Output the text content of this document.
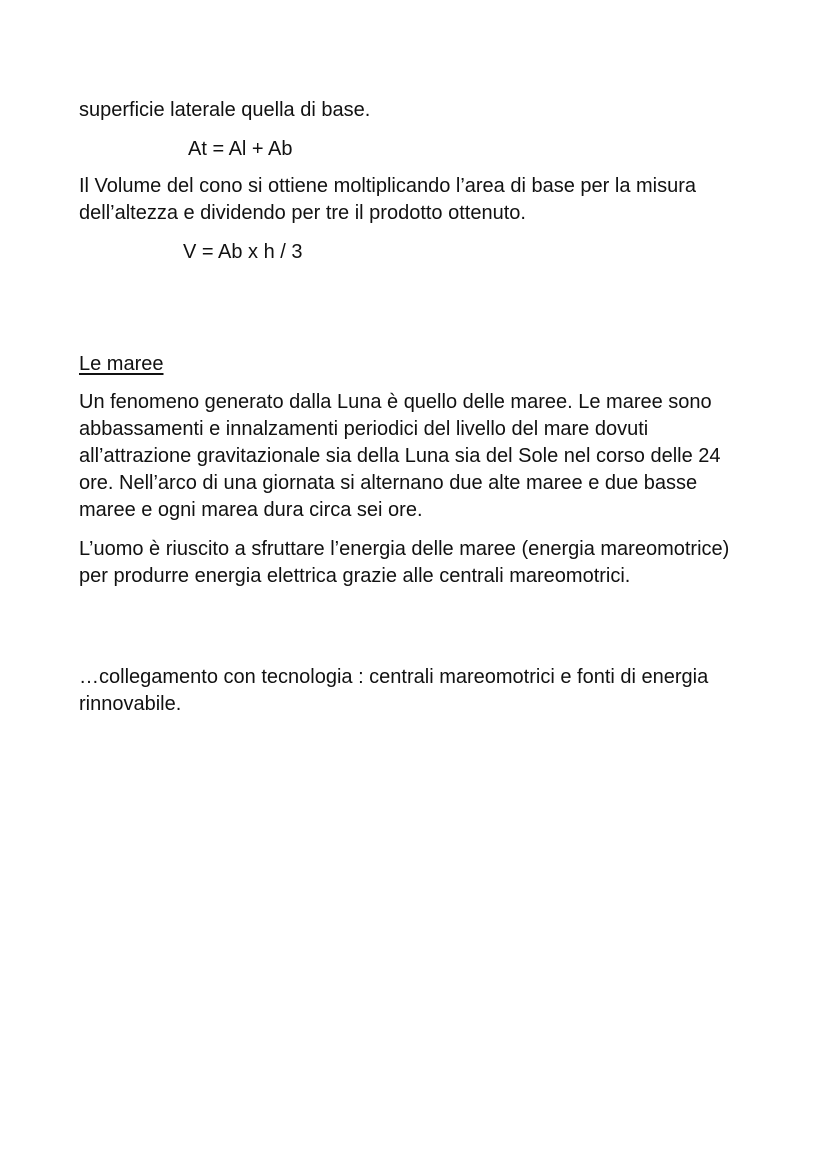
superficie laterale quella di base.

At = Al + Ab

Il Volume del cono si ottiene moltiplicando l’area di base per la misura dell’altezza e dividendo per tre il prodotto ottenuto.

V = Ab x h / 3

Le maree

Un fenomeno generato dalla Luna è quello delle maree. Le maree sono abbassamenti e innalzamenti periodici del livello del mare dovuti all’attrazione gravitazionale sia della Luna sia del Sole nel corso delle 24 ore. Nell’arco di una giornata si alternano due alte maree e due basse maree e ogni marea dura circa sei ore.

L’uomo è riuscito a sfruttare l’energia delle maree (energia mareomotrice) per produrre energia elettrica grazie alle centrali mareomotrici.

…collegamento con tecnologia : centrali mareomotrici e fonti di energia rinnovabile.
